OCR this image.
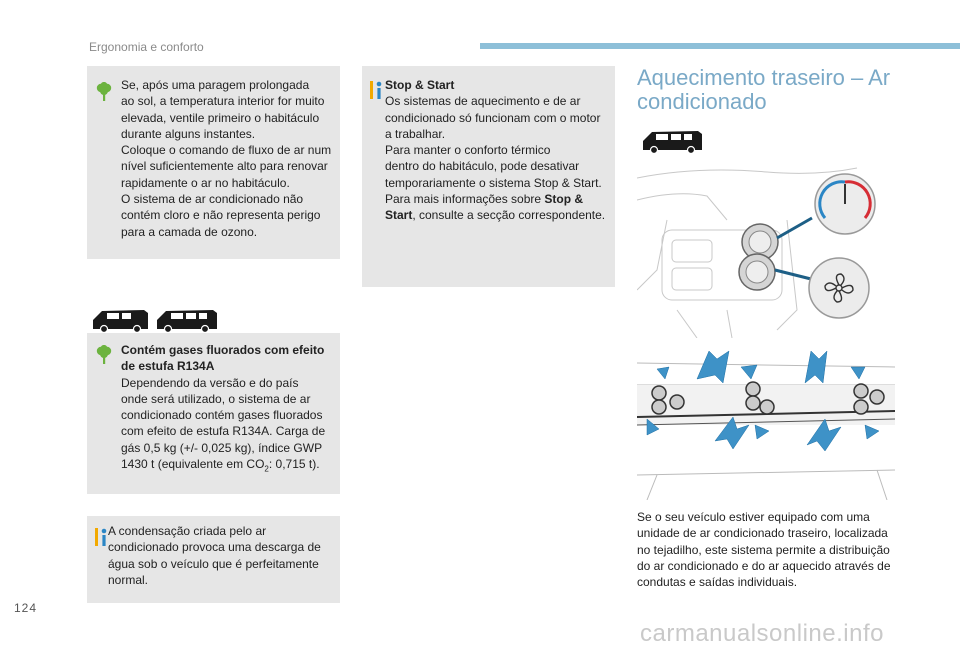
Ergonomia e conforto

Se, após uma paragem prolongada

ao sol, a temperatura interior for muito

elevada, ventile primeiro o habitáculo

durante alguns instantes.

Coloque o comando de fluxo de ar num

nível suficientemente alto para renovar

rapidamente o ar no habitáculo.

O sistema de ar condicionado não

contém cloro e não representa perigo

para a camada de ozono.

Stop & Start

Os sistemas de aquecimento e de ar

condicionado só funcionam com o motor

a trabalhar.

Para manter o conforto térmico

dentro do habitáculo, pode desativar

temporariamente o sistema Stop & Start.

Para mais informações sobre Stop &

Start, consulte a secção correspondente.

Contém gases fluorados com efeito

de estufa R134A

Dependendo da versão e do país

onde será utilizado, o sistema de ar

condicionado contém gases fluorados

com efeito de estufa R134A. Carga de

gás 0,5 kg (+/- 0,025 kg), índice GWP

1430 t (equivalente em $CO_2$: 0,715 t).

A condensação criada pelo ar

condicionado provoca uma descarga de

água sob o veículo que é perfeitamente

normal.

Aquecimento traseiro – Ar
condicionado
Se o seu veículo estiver equipado com uma
unidade de ar condicionado traseiro, localizada
no tejadilho, este sistema permite a distribuição
do ar condicionado e do ar aquecido através de
condutas e saídas individuais.
124
carmanualsonline.info
